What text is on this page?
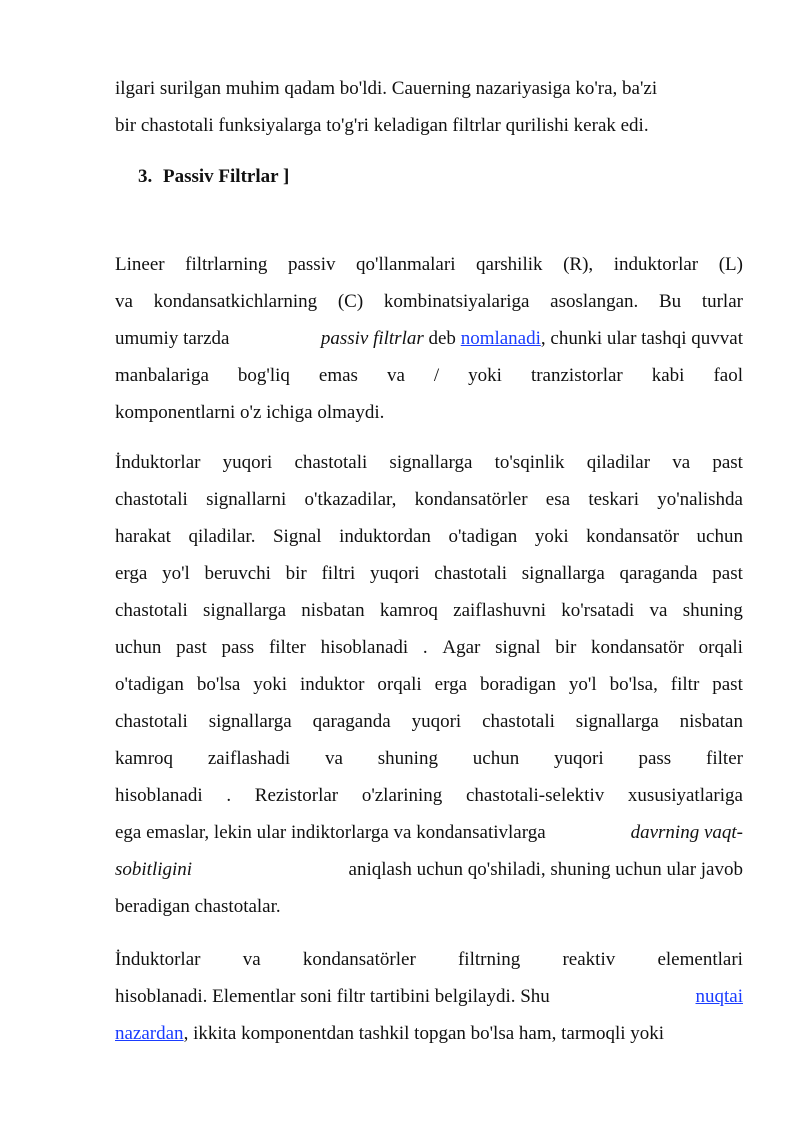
ilgari surilgan muhim qadam bo'ldi. Cauerning nazariyasiga ko'ra, ba'zi
bir chastotali funksiyalarga to'g'ri keladigan filtrlar qurilishi kerak edi.
3. Passiv Filtrlar ]
Lineer filtrlarning passiv qo'llanmalari qarshilik (R), induktorlar (L)
va kondansatkichlarning (C) kombinatsiyalariga asoslangan. Bu turlar
umumiy tarzda	passiv filtrlar deb nomlanadi, chunki ular tashqi quvvat
manbalariga bog'liq emas va / yoki tranzistorlar kabi faol
komponentlarni o'z ichiga olmaydi.
İnduktorlar yuqori chastotali signallarga to'sqinlik qiladilar va past
chastotali signallarni o'tkazadilar, kondansatörler esa teskari yo'nalishda
harakat qiladilar. Signal induktordan o'tadigan yoki kondansatör uchun
erga yo'l beruvchi bir filtri yuqori chastotali signallarga qaraganda past
chastotali signallarga nisbatan kamroq zaiflashuvni ko'rsatadi va shuning
uchun past pass filter hisoblanadi . Agar signal bir kondansatör orqali
o'tadigan bo'lsa yoki induktor orqali erga boradigan yo'l bo'lsa, filtr past
chastotali signallarga qaraganda yuqori chastotali signallarga nisbatan
kamroq zaiflashadi va shuning uchun yuqori pass filter
hisoblanadi . Rezistorlar o'zlarining chastotali-selektiv xususiyatlariga
ega emaslar, lekin ular indiktorlarga va kondansativlarga	davrning vaqt-
sobitligini	aniqlash uchun qo'shiladi, shuning uchun ular javob
beradigan chastotalar.
İnduktorlar va kondansatörler filtrning reaktiv elementlari
hisoblanadi. Elementlar soni filtr tartibini belgilaydi. Shu	nuqtai
nazardan, ikkita komponentdan tashkil topgan bo'lsa ham, tarmoqli yoki
